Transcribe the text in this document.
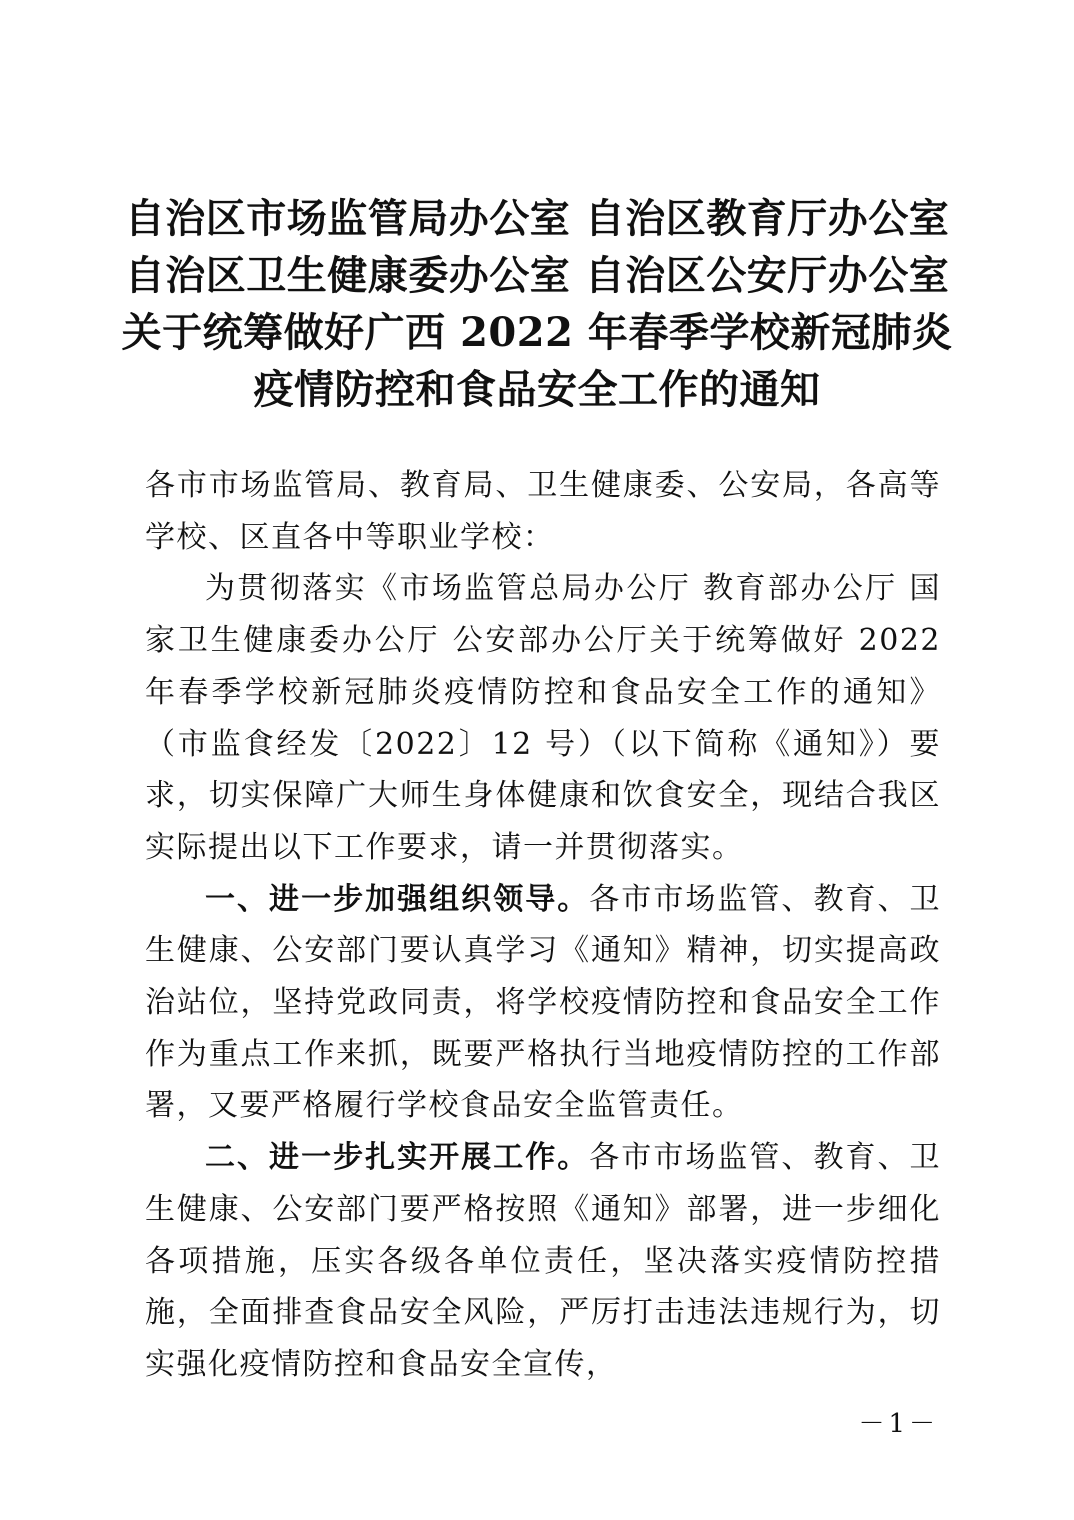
自治区市场监管局办公室 自治区教育厅办公室
自治区卫生健康委办公室 自治区公安厅办公室
关于统筹做好广西 2022 年春季学校新冠肺炎
疫情防控和食品安全工作的通知

各市市场监管局、教育局、卫生健康委、公安局，各高等学校、区直各中等职业学校：

为贯彻落实《市场监管总局办公厅 教育部办公厅 国家卫生健康委办公厅 公安部办公厅关于统筹做好 2022 年春季学校新冠肺炎疫情防控和食品安全工作的通知》（市监食经发〔2022〕12 号）（以下简称《通知》）要求，切实保障广大师生身体健康和饮食安全，现结合我区实际提出以下工作要求，请一并贯彻落实。

一、进一步加强组织领导。各市市场监管、教育、卫生健康、公安部门要认真学习《通知》精神，切实提高政治站位，坚持党政同责，将学校疫情防控和食品安全工作作为重点工作来抓，既要严格执行当地疫情防控的工作部署，又要严格履行学校食品安全监管责任。

二、进一步扎实开展工作。各市市场监管、教育、卫生健康、公安部门要严格按照《通知》部署，进一步细化各项措施，压实各级各单位责任，坚决落实疫情防控措施，全面排查食品安全风险，严厉打击违法违规行为，切实强化疫情防控和食品安全宣传，

－1－
